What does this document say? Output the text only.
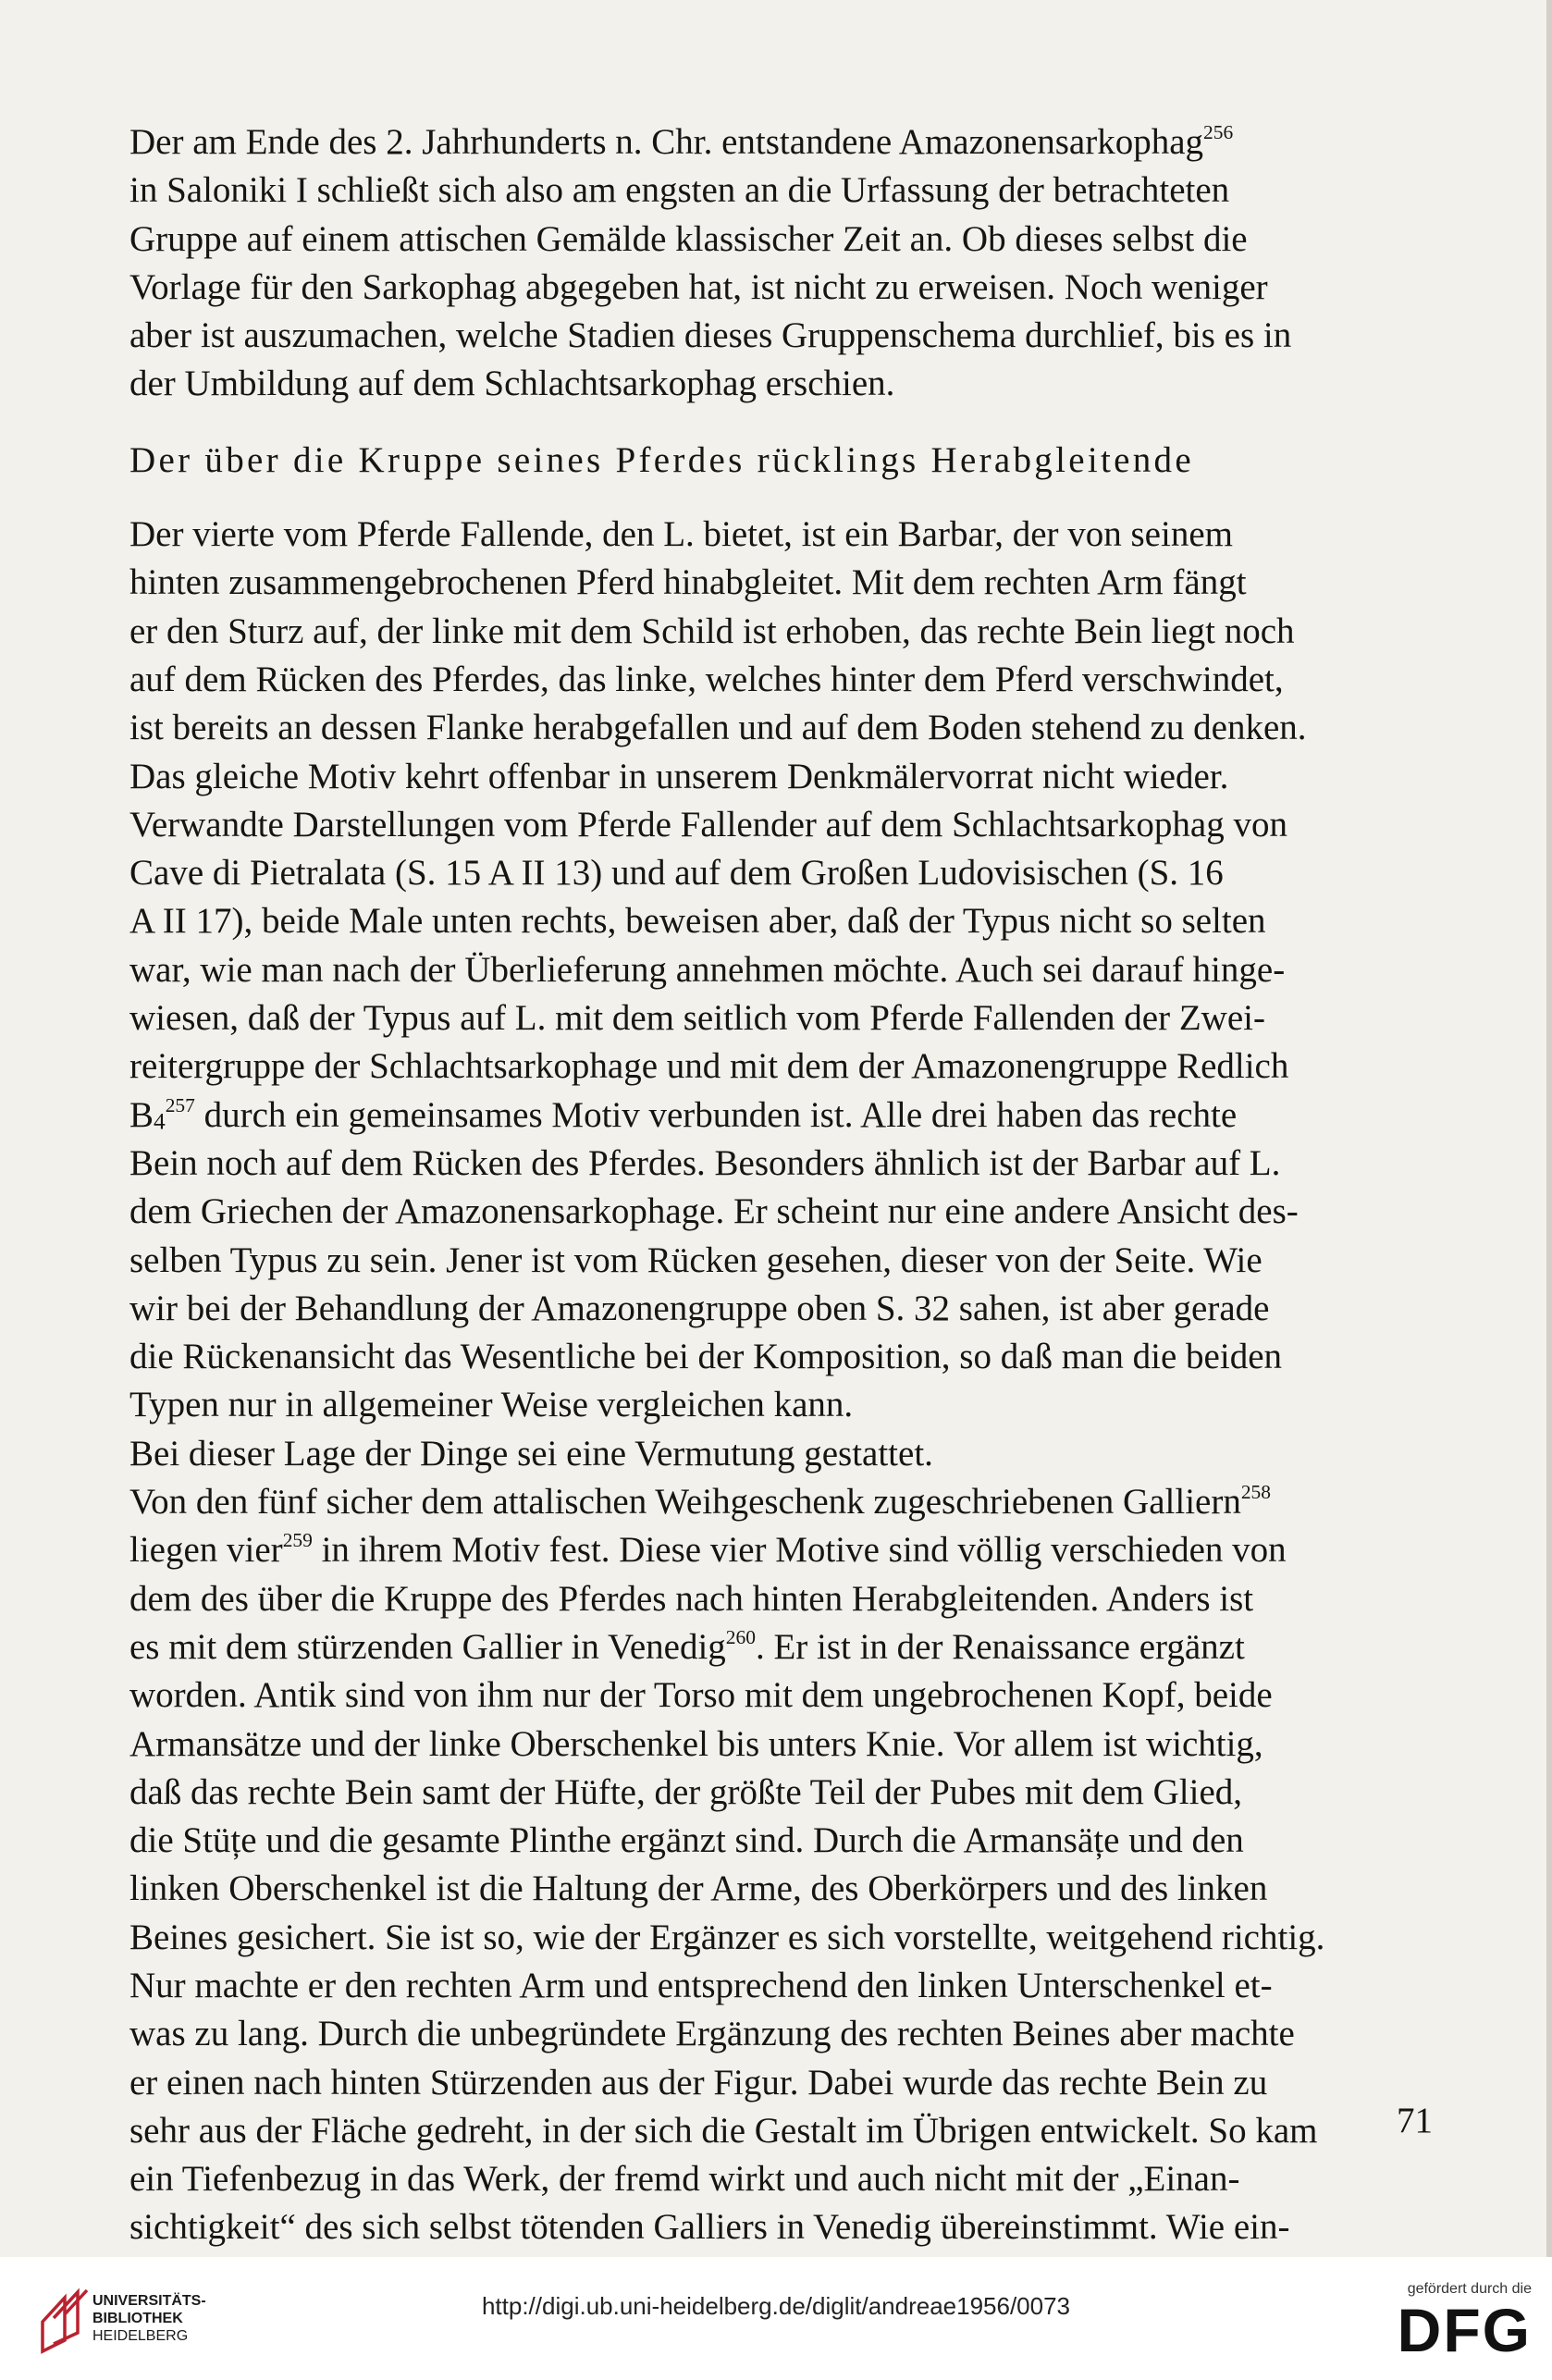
Der am Ende des 2. Jahrhunderts n. Chr. entstandene Amazonensarkophag$^{256}$
in Saloniki I schließt sich also am engsten an die Urfassung der betrachteten
Gruppe auf einem attischen Gemälde klassischer Zeit an. Ob dieses selbst die
Vorlage für den Sarkophag abgegeben hat, ist nicht zu erweisen. Noch weniger
aber ist auszumachen, welche Stadien dieses Gruppenschema durchlief, bis es in
der Umbildung auf dem Schlachtsarkophag erschien.

Der über die Kruppe seines Pferdes rücklings Herabgleitende

Der vierte vom Pferde Fallende, den L. bietet, ist ein Barbar, der von seinem
hinten zusammengebrochenen Pferd hinabgleitet. Mit dem rechten Arm fängt
er den Sturz auf, der linke mit dem Schild ist erhoben, das rechte Bein liegt noch
auf dem Rücken des Pferdes, das linke, welches hinter dem Pferd verschwindet,
ist bereits an dessen Flanke herabgefallen und auf dem Boden stehend zu denken.

Das gleiche Motiv kehrt offenbar in unserem Denkmälervorrat nicht wieder.
Verwandte Darstellungen vom Pferde Fallender auf dem Schlachtsarkophag von
Cave di Pietralata (S. 15 A II 13) und auf dem Großen Ludovisischen (S. 16
A II 17), beide Male unten rechts, beweisen aber, daß der Typus nicht so selten
war, wie man nach der Überlieferung annehmen möchte. Auch sei darauf hinge-
wiesen, daß der Typus auf L. mit dem seitlich vom Pferde Fallenden der Zwei-
reitergruppe der Schlachtsarkophage und mit dem der Amazonengruppe Redlich
$B_4^{257}$ durch ein gemeinsames Motiv verbunden ist. Alle drei haben das rechte
Bein noch auf dem Rücken des Pferdes. Besonders ähnlich ist der Barbar auf L.
dem Griechen der Amazonensarkophage. Er scheint nur eine andere Ansicht des-
selben Typus zu sein. Jener ist vom Rücken gesehen, dieser von der Seite. Wie
wir bei der Behandlung der Amazonengruppe oben S. 32 sahen, ist aber gerade
die Rückenansicht das Wesentliche bei der Komposition, so daß man die beiden
Typen nur in allgemeiner Weise vergleichen kann.

Bei dieser Lage der Dinge sei eine Vermutung gestattet.

Von den fünf sicher dem attalischen Weihgeschenk zugeschriebenen Galliern$^{258}$
liegen vier$^{259}$ in ihrem Motiv fest. Diese vier Motive sind völlig verschieden von
dem des über die Kruppe des Pferdes nach hinten Herabgleitenden. Anders ist
es mit dem stürzenden Gallier in Venedig$^{260}$. Er ist in der Renaissance ergänzt
worden. Antik sind von ihm nur der Torso mit dem ungebrochenen Kopf, beide
Armansätze und der linke Oberschenkel bis unters Knie. Vor allem ist wichtig,
daß das rechte Bein samt der Hüfte, der größte Teil der Pubes mit dem Glied,
die Stüțe und die gesamte Plinthe ergänzt sind. Durch die Armansäțe und den
linken Oberschenkel ist die Haltung der Arme, des Oberkörpers und des linken
Beines gesichert. Sie ist so, wie der Ergänzer es sich vorstellte, weitgehend richtig.
Nur machte er den rechten Arm und entsprechend den linken Unterschenkel et-
was zu lang. Durch die unbegründete Ergänzung des rechten Beines aber machte
er einen nach hinten Stürzenden aus der Figur. Dabei wurde das rechte Bein zu
sehr aus der Fläche gedreht, in der sich die Gestalt im Übrigen entwickelt. So kam
ein Tiefenbezug in das Werk, der fremd wirkt und auch nicht mit der „Einan-
sichtigkeit“ des sich selbst tötenden Galliers in Venedig übereinstimmt. Wie ein-

71
UNIVERSITÄTS-
BIBLIOTHEK
HEIDELBERG
gefördert durch die
DFG
http://digi.ub.uni-heidelberg.de/diglit/andreae1956/0073
